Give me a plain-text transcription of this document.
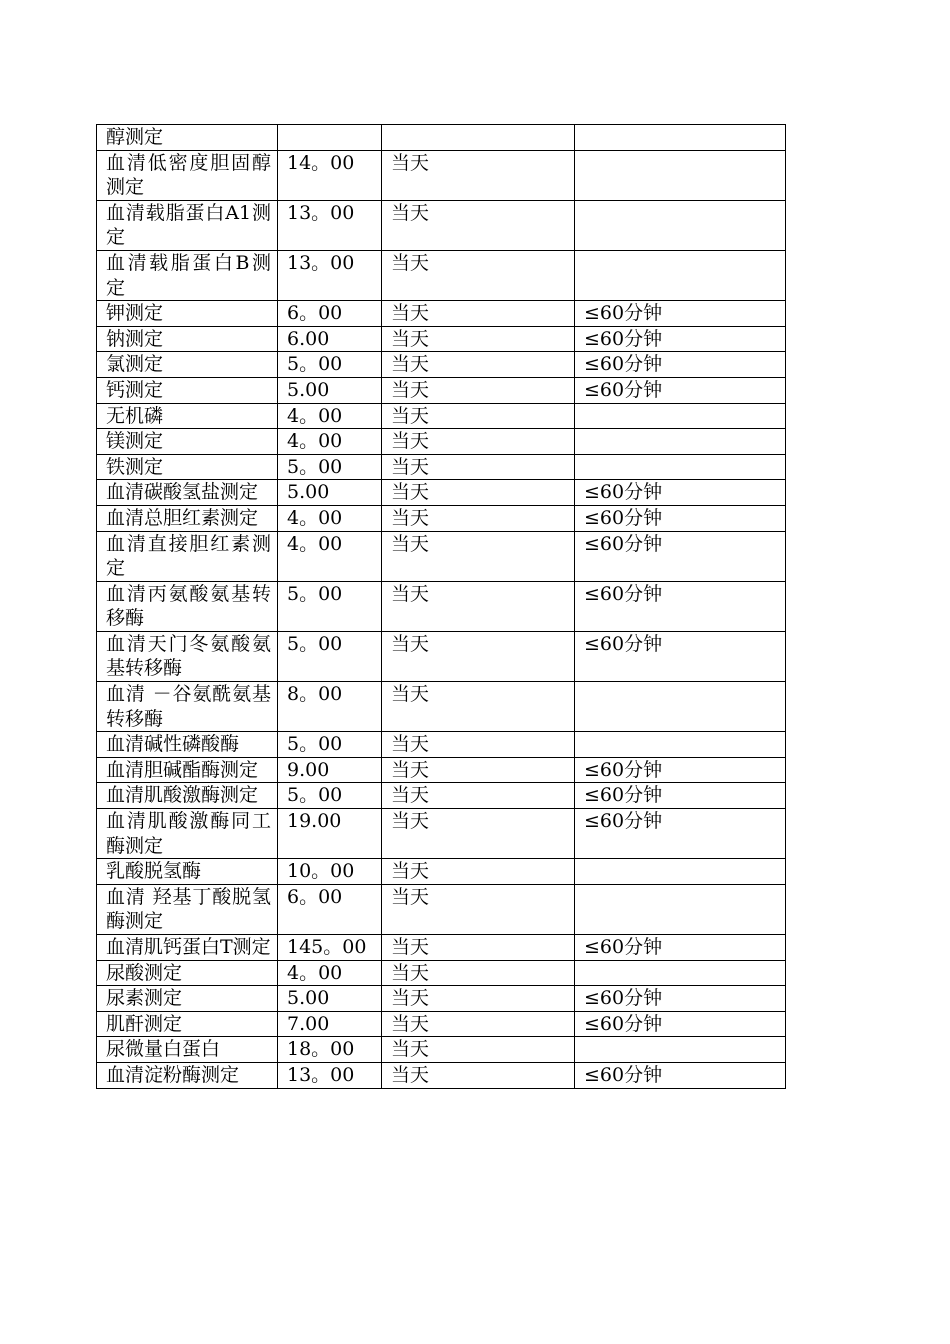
醇测定			
血清低密度胆固醇测定	14。00	当天	
血清载脂蛋白A1测定	13。00	当天	
血清载脂蛋白B测定	13。00	当天	
钾测定	6。00	当天	≤60分钟
钠测定	6.00	当天	≤60分钟
氯测定	5。00	当天	≤60分钟
钙测定	5.00	当天	≤60分钟
无机磷	4。00	当天	
镁测定	4。00	当天	
铁测定	5。00	当天	
血清碳酸氢盐测定	5.00	当天	≤60分钟
血清总胆红素测定	4。00	当天	≤60分钟
血清直接胆红素测定	4。00	当天	≤60分钟
血清丙氨酸氨基转移酶	5。00	当天	≤60分钟
血清天门冬氨酸氨基转移酶	5。00	当天	≤60分钟
血清 －谷氨酰氨基转移酶	8。00	当天	
血清碱性磷酸酶	5。00	当天	
血清胆碱酯酶测定	9.00	当天	≤60分钟
血清肌酸激酶测定	5。00	当天	≤60分钟
血清肌酸激酶同工酶测定	19.00	当天	≤60分钟
乳酸脱氢酶	10。00	当天	
血清 羟基丁酸脱氢酶测定	6。00	当天	
血清肌钙蛋白T测定	145。00	当天	≤60分钟
尿酸测定	4。00	当天	
尿素测定	5.00	当天	≤60分钟
肌酐测定	7.00	当天	≤60分钟
尿微量白蛋白	18。00	当天	
血清淀粉酶测定	13。00	当天	≤60分钟
